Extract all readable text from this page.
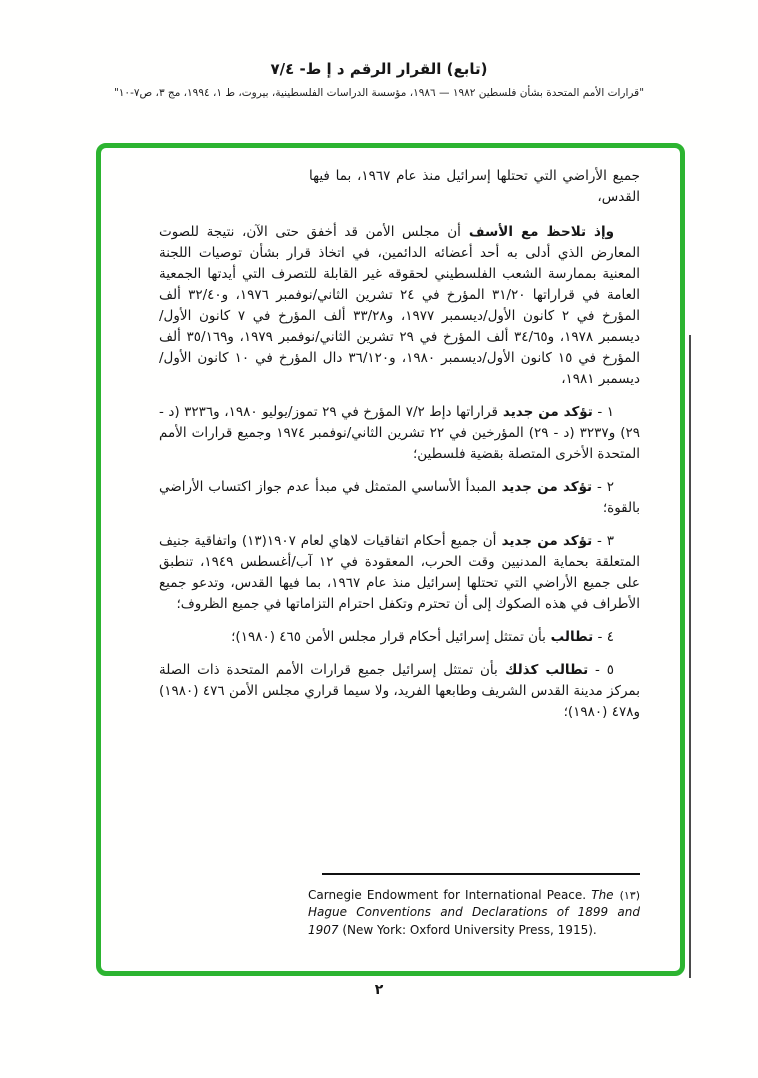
(تابع) القرار الرقم د إ ط- ٧/٤
"قرارات الأمم المتحدة بشأن فلسطين ١٩٨٢ — ١٩٨٦، مؤسسة الدراسات الفلسطينية، بيروت، ط ١، ١٩٩٤، مج ٣، ص٧-١٠"

جميع الأراضي التي تحتلها إسرائيل منذ عام ١٩٦٧، بما فيها القدس،

وإذ تلاحظ مع الأسف أن مجلس الأمن قد أخفق حتى الآن، نتيجة للصوت المعارض الذي أدلى به أحد أعضائه الدائمين، في اتخاذ قرار بشأن توصيات اللجنة المعنية بممارسة الشعب الفلسطيني لحقوقه غير القابلة للتصرف التي أيدتها الجمعية العامة في قراراتها ٣١/٢٠ المؤرخ في ٢٤ تشرين الثاني/نوفمبر ١٩٧٦، و٣٢/٤٠ ألف المؤرخ في ٢ كانون الأول/ديسمبر ١٩٧٧، و٣٣/٢٨ ألف المؤرخ في ٧ كانون الأول/ديسمبر ١٩٧٨، و٣٤/٦٥ ألف المؤرخ في ٢٩ تشرين الثاني/نوفمبر ١٩٧٩، و٣٥/١٦٩ ألف المؤرخ في ١٥ كانون الأول/ديسمبر ١٩٨٠، و٣٦/١٢٠ دال المؤرخ في ١٠ كانون الأول/ديسمبر ١٩٨١،

١ - تؤكد من جديد قراراتها دإط ٧/٢ المؤرخ في ٢٩ تموز/يوليو ١٩٨٠، و٣٢٣٦ (د - ٢٩) و٣٢٣٧ (د - ٢٩) المؤرخين في ٢٢ تشرين الثاني/نوفمبر ١٩٧٤ وجميع قرارات الأمم المتحدة الأخرى المتصلة بقضية فلسطين؛

٢ - تؤكد من جديد المبدأ الأساسي المتمثل في مبدأ عدم جواز اكتساب الأراضي بالقوة؛

٣ - تؤكد من جديد أن جميع أحكام اتفاقيات لاهاي لعام ١٩٠٧(١٣) واتفاقية جنيف المتعلقة بحماية المدنيين وقت الحرب، المعقودة في ١٢ آب/أغسطس ١٩٤٩، تنطبق على جميع الأراضي التي تحتلها إسرائيل منذ عام ١٩٦٧، بما فيها القدس، وتدعو جميع الأطراف في هذه الصكوك إلى أن تحترم وتكفل احترام التزاماتها في جميع الظروف؛

٤ - تطالب بأن تمتثل إسرائيل أحكام قرار مجلس الأمن ٤٦٥ (١٩٨٠)؛

٥ - تطالب كذلك بأن تمتثل إسرائيل جميع قرارات الأمم المتحدة ذات الصلة بمركز مدينة القدس الشريف وطابعها الفريد، ولا سيما قراري مجلس الأمن ٤٧٦ (١٩٨٠) و٤٧٨ (١٩٨٠)؛

(١٣)
Carnegie Endowment for International Peace. The Hague Conventions and Declarations of 1899 and 1907 (New York: Oxford University Press, 1915).

٢
